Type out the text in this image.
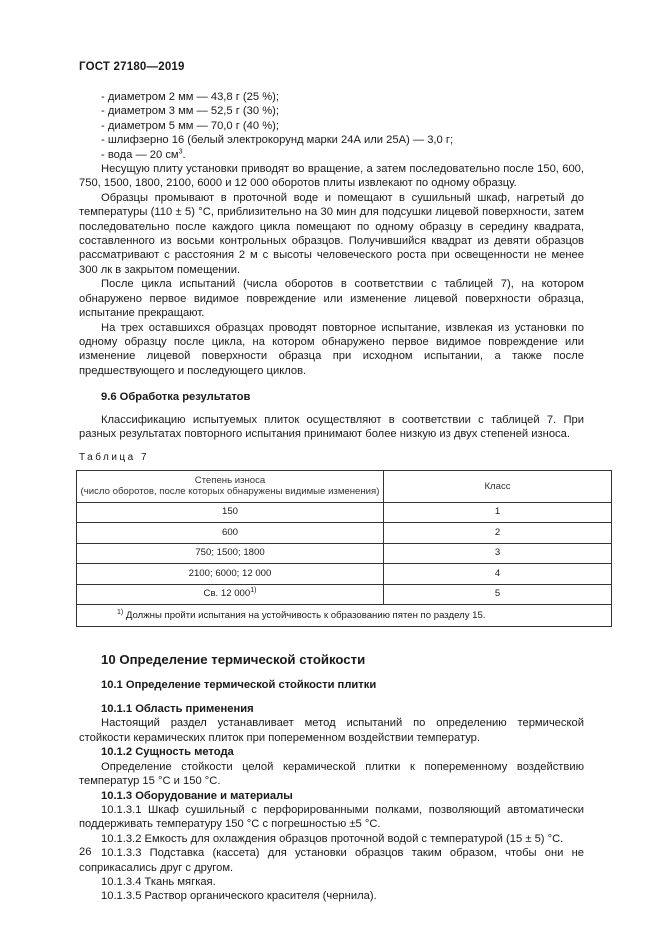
ГОСТ 27180—2019

- диаметром 2 мм — 43,8 г (25 %);

- диаметром 3 мм — 52,5 г (30 %);

- диаметром 5 мм — 70,0 г (40 %);

- шлифзерно 16 (белый электрокорунд марки 24А или 25А) — 3,0 г;

- вода — 20 $см^3$.

Несущую плиту установки приводят во вращение, а затем последовательно после 150, 600, 750, 1500, 1800, 2100, 6000 и 12 000 оборотов плиты извлекают по одному образцу.

Образцы промывают в проточной воде и помещают в сушильный шкаф, нагретый до температуры (110 ± 5) °С, приблизительно на 30 мин для подсушки лицевой поверхности, затем последовательно после каждого цикла помещают по одному образцу в середину квадрата, составленного из восьми контрольных образцов. Получившийся квадрат из девяти образцов рассматривают с расстояния 2 м с высоты человеческого роста при освещенности не менее 300 лк в закрытом помещении.

После цикла испытаний (числа оборотов в соответствии с таблицей 7), на котором обнаружено первое видимое повреждение или изменение лицевой поверхности образца, испытание прекращают.

На трех оставшихся образцах проводят повторное испытание, извлекая из установки по одному образцу после цикла, на котором обнаружено первое видимое повреждение или изменение лицевой поверхности образца при исходном испытании, а также после предшествующего и последующего циклов.

9.6 Обработка результатов

Классификацию испытуемых плиток осуществляют в соответствии с таблицей 7. При разных результатах повторного испытания принимают более низкую из двух степеней износа.

Таблица 7

Степень износа
(число оборотов, после которых обнаружены видимые изменения)	Класс
150	1
600	2
750; 1500; 1800	3
2100; 6000; 12 000	4
Св. 12 000$^{1)}$	5
$^{1)}$ Должны пройти испытания на устойчивость к образованию пятен по разделу 15.	

10 Определение термической стойкости

10.1 Определение термической стойкости плитки

10.1.1 Область применения

Настоящий раздел устанавливает метод испытаний по определению термической стойкости керамических плиток при попеременном воздействии температур.

10.1.2 Сущность метода

Определение стойкости целой керамической плитки к попеременному воздействию температур 15 °С и 150 °С.

10.1.3 Оборудование и материалы

10.1.3.1 Шкаф сушильный с перфорированными полками, позволяющий автоматически поддерживать температуру 150 °С с погрешностью ±5 °С.

10.1.3.2 Емкость для охлаждения образцов проточной водой с температурой (15 ± 5) °С.

10.1.3.3 Подставка (кассета) для установки образцов таким образом, чтобы они не соприкасались друг с другом.

10.1.3.4 Ткань мягкая.

10.1.3.5 Раствор органического красителя (чернила).

26
